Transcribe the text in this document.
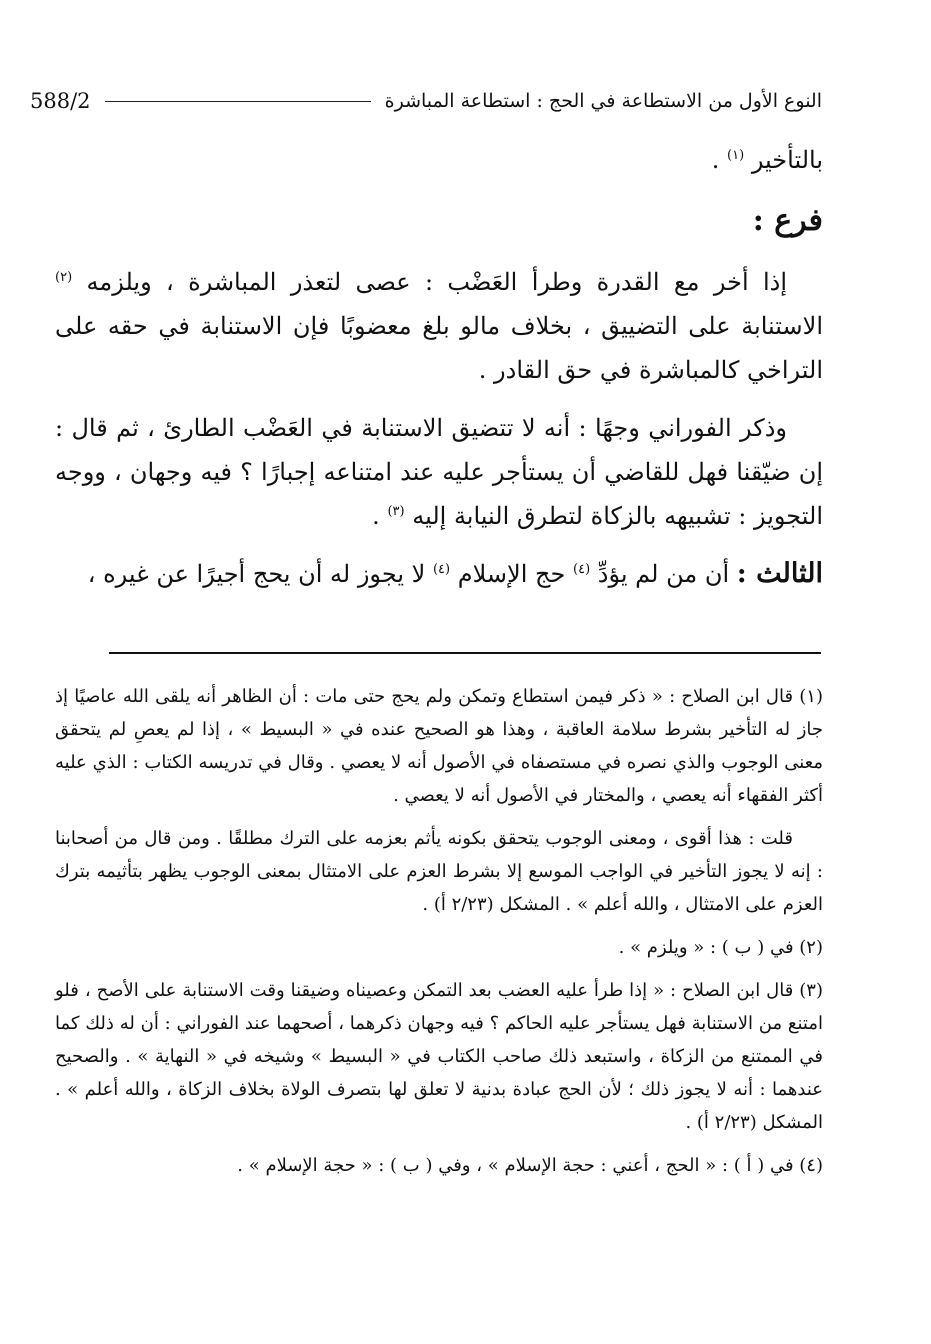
النوع الأول من الاستطاعة في الحج : استطاعة المباشرة
588/2

بالتأخير $^{(١)}$ .

فرع :

إذا أخر مع القدرة وطرأ العَضْب : عصى لتعذر المباشرة ، ويلزمه $^{(٢)}$ الاستنابة على التضييق ، بخلاف مالو بلغ معضوبًا فإن الاستنابة في حقه على التراخي كالمباشرة في حق القادر .

وذكر الفوراني وجهًا : أنه لا تتضيق الاستنابة في العَضْب الطارئ ، ثم قال : إن ضيّقنا فهل للقاضي أن يستأجر عليه عند امتناعه إجبارًا ؟ فيه وجهان ، ووجه التجويز : تشبيهه بالزكاة لتطرق النيابة إليه $^{(٣)}$ .

الثالث : أن من لم يؤدِّ $^{(٤)}$ حج الإسلام $^{(٤)}$ لا يجوز له أن يحج أجيرًا عن غيره ،

(١) قال ابن الصلاح : « ذكر فيمن استطاع وتمكن ولم يحج حتى مات : أن الظاهر أنه يلقى الله عاصيًا إذ جاز له التأخير بشرط سلامة العاقبة ، وهذا هو الصحيح عنده في « البسيط » ، إذا لم يعصِ لم يتحقق معنى الوجوب والذي نصره في مستصفاه في الأصول أنه لا يعصي . وقال في تدريسه الكتاب : الذي عليه أكثر الفقهاء أنه يعصي ، والمختار في الأصول أنه لا يعصي .

قلت : هذا أقوى ، ومعنى الوجوب يتحقق بكونه يأثم بعزمه على الترك مطلقًا . ومن قال من أصحابنا : إنه لا يجوز التأخير في الواجب الموسع إلا بشرط العزم على الامتثال بمعنى الوجوب يظهر بتأثيمه بترك العزم على الامتثال ، والله أعلم » . المشكل (٢/٢٣ أ) .

(٢) في ( ب ) : « ويلزم » .

(٣) قال ابن الصلاح : « إذا طرأ عليه العضب بعد التمكن وعصيناه وضيقنا وقت الاستنابة على الأصح ، فلو امتنع من الاستنابة فهل يستأجر عليه الحاكم ؟ فيه وجهان ذكرهما ، أصحهما عند الفوراني : أن له ذلك كما في الممتنع من الزكاة ، واستبعد ذلك صاحب الكتاب في « البسيط » وشيخه في « النهاية » . والصحيح عندهما : أنه لا يجوز ذلك ؛ لأن الحج عبادة بدنية لا تعلق لها بتصرف الولاة بخلاف الزكاة ، والله أعلم » . المشكل (٢/٢٣ أ) .

(٤) في ( أ ) : « الحج ، أعني : حجة الإسلام » ، وفي ( ب ) : « حجة الإسلام » .
